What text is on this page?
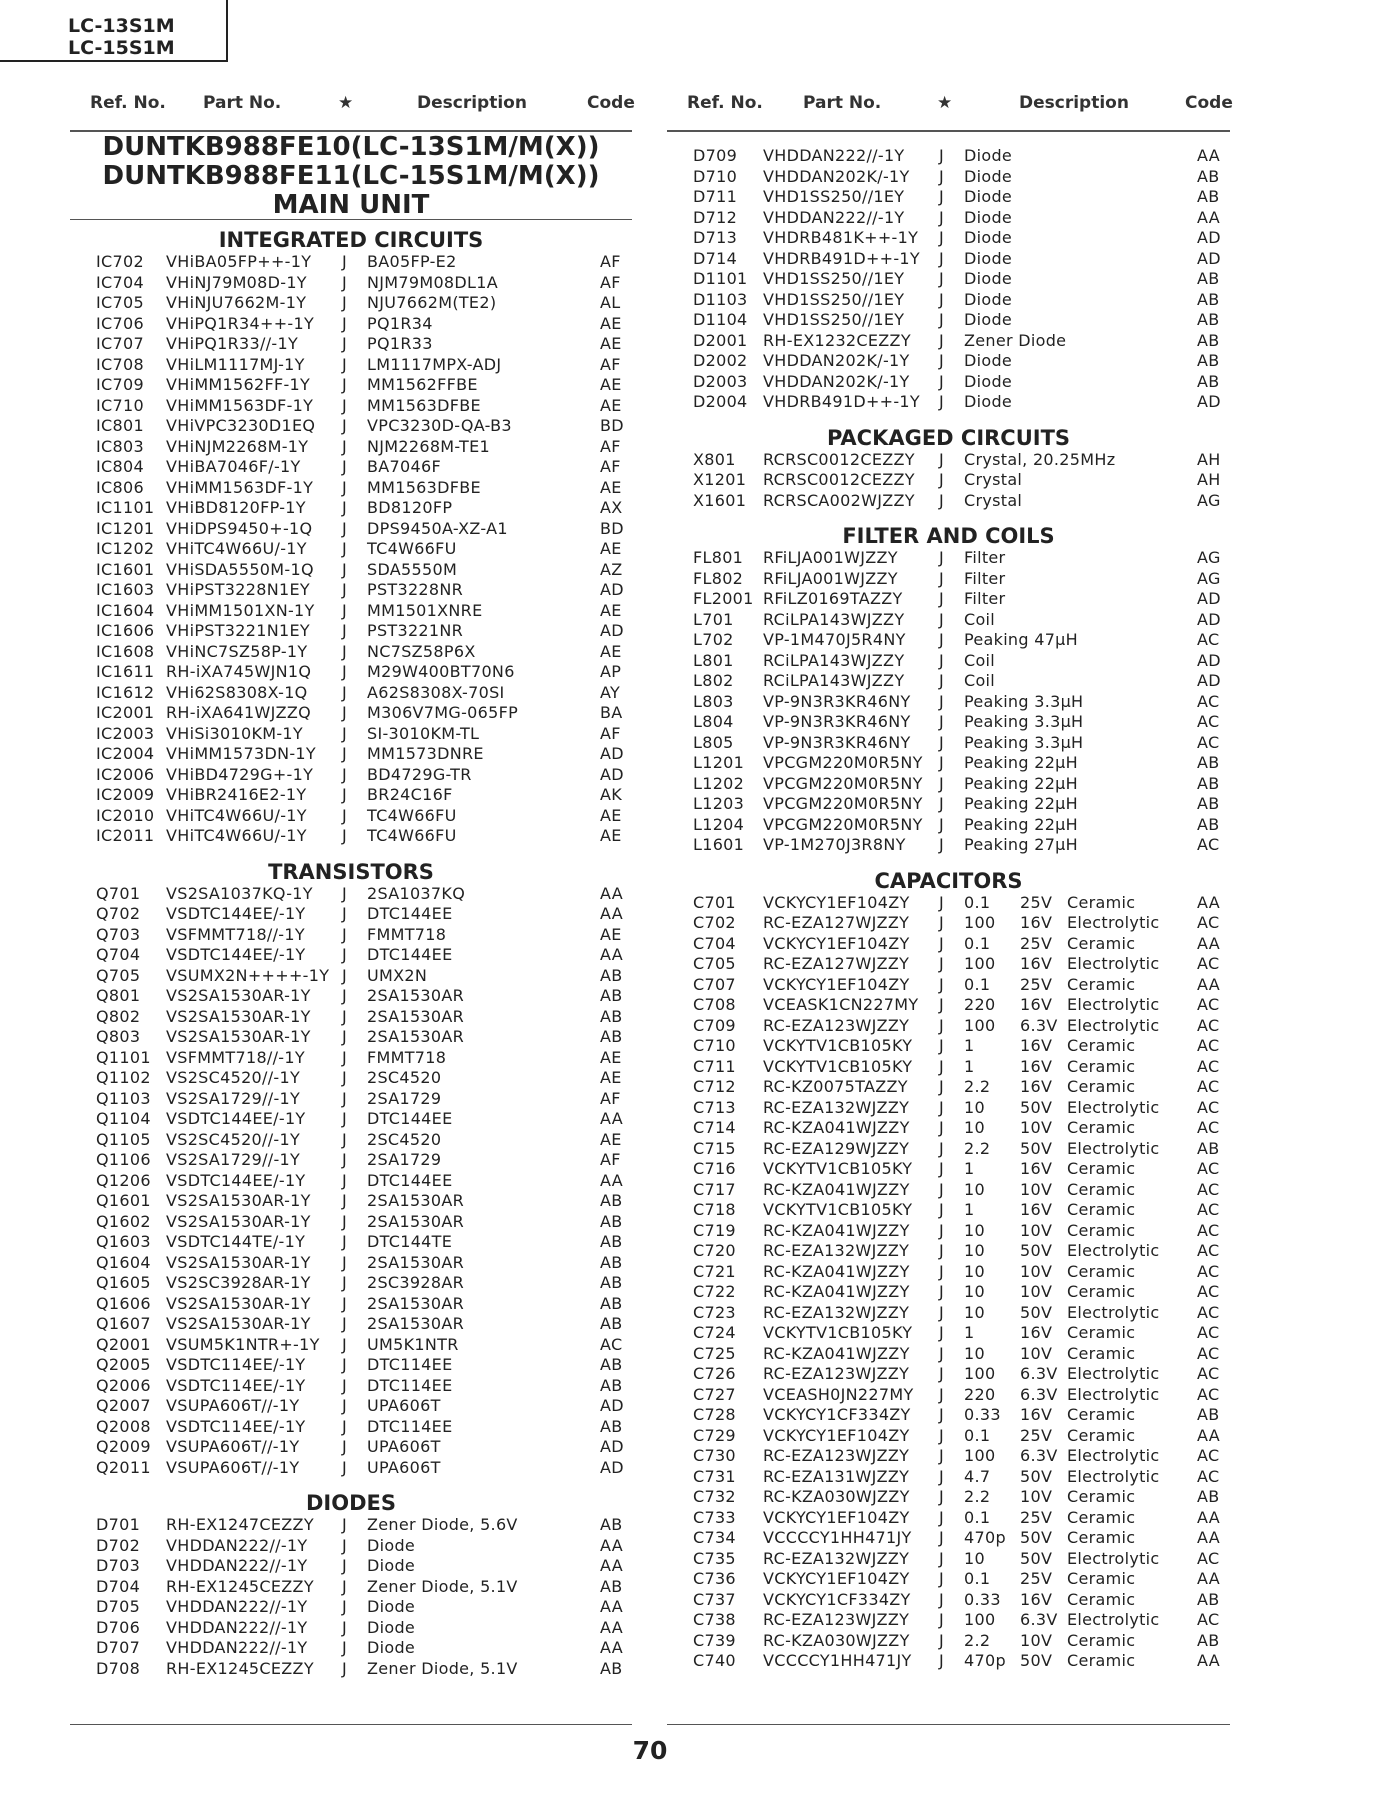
LC-13S1M
LC-15S1M
Ref. No. Part No.	★	Description	Code
DUNTKB988FE10(LC-13S1M/M(X))
DUNTKB988FE11(LC-15S1M/M(X))
MAIN UNIT
INTEGRATED CIRCUITS
IC702 VHiBA05FP++-1Y J BA05FP-E2	AF
IC704 VHiNJ79M08D-1Y J NJM79M08DL1A	AF
IC705 VHiNJU7662M-1Y J NJU7662M(TE2)	AL
IC706 VHiPQ1R34++-1Y J PQ1R34	AE
IC707 VHiPQ1R33//-1Y	J PQ1R33	AE
IC708 VHiLM1117MJ-1Y J LM1117MPX-ADJ	AF
IC709 VHiMM1562FF-1Y J MM1562FFBE	AE
IC710 VHiMM1563DF-1Y J MM1563DFBE	AE
IC801 VHiVPC3230D1EQ J VPC3230D-QA-B3	BD
IC803 VHiNJM2268M-1Y J NJM2268M-TE1	AF
IC804 VHiBA7046F/-1Y	J BA7046F	AF
IC806 VHiMM1563DF-1Y J MM1563DFBE	AE
IC1101 VHiBD8120FP-1Y J BD8120FP	AX
IC1201 VHiDPS9450+-1Q J DPS9450A-XZ-A1	BD
IC1202 VHiTC4W66U/-1Y J TC4W66FU	AE
IC1601 VHiSDA5550M-1Q J SDA5550M	AZ
IC1603 VHiPST3228N1EY J PST3228NR	AD
IC1604 VHiMM1501XN-1Y J MM1501XNRE	AE
IC1606 VHiPST3221N1EY J PST3221NR	AD
IC1608 VHiNC7SZ58P-1Y J NC7SZ58P6X	AE
IC1611 RH-iXA745WJN1Q J M29W400BT70N6	AP
IC1612 VHi62S8308X-1Q J A62S8308X-70SI	AY
IC2001 RH-iXA641WJZZQ J M306V7MG-065FP	BA
IC2003 VHiSi3010KM-1Y J SI-3010KM-TL	AF
IC2004 VHiMM1573DN-1Y J MM1573DNRE	AD
IC2006 VHiBD4729G+-1Y J BD4729G-TR	AD
IC2009 VHiBR2416E2-1Y J BR24C16F	AK
IC2010 VHiTC4W66U/-1Y J TC4W66FU	AE
IC2011 VHiTC4W66U/-1Y J TC4W66FU	AE
TRANSISTORS
Q701 VS2SA1037KQ-1Y J 2SA1037KQ	AA
Q702 VSDTC144EE/-1Y J DTC144EE	AA
Q703 VSFMMT718//-1Y J FMMT718	AE
Q704 VSDTC144EE/-1Y J DTC144EE	AA
Q705 VSUMX2N++++-1Y J UMX2N	AB
Q801 VS2SA1530AR-1Y J 2SA1530AR	AB
Q802 VS2SA1530AR-1Y J 2SA1530AR	AB
Q803 VS2SA1530AR-1Y J 2SA1530AR	AB
Q1101 VSFMMT718//-1Y J FMMT718	AE
Q1102 VS2SC4520//-1Y	J 2SC4520	AE
Q1103 VS2SA1729//-1Y	J 2SA1729	AF
Q1104 VSDTC144EE/-1Y J DTC144EE	AA
Q1105 VS2SC4520//-1Y	J 2SC4520	AE
Q1106 VS2SA1729//-1Y	J 2SA1729	AF
Q1206 VSDTC144EE/-1Y J DTC144EE	AA
Q1601 VS2SA1530AR-1Y J 2SA1530AR	AB
Q1602 VS2SA1530AR-1Y J 2SA1530AR	AB
Q1603 VSDTC144TE/-1Y J DTC144TE	AB
Q1604 VS2SA1530AR-1Y J 2SA1530AR	AB
Q1605 VS2SC3928AR-1Y J 2SC3928AR	AB
Q1606 VS2SA1530AR-1Y J 2SA1530AR	AB
Q1607 VS2SA1530AR-1Y J 2SA1530AR	AB
Q2001 VSUM5K1NTR+-1Y J UM5K1NTR	AC
Q2005 VSDTC114EE/-1Y J DTC114EE	AB
Q2006 VSDTC114EE/-1Y J DTC114EE	AB
Q2007 VSUPA606T//-1Y	J UPA606T	AD
Q2008 VSDTC114EE/-1Y J DTC114EE	AB
Q2009 VSUPA606T//-1Y	J UPA606T	AD
Q2011 VSUPA606T//-1Y	J UPA606T	AD
DIODES
D701 RH-EX1247CEZZY J Zener Diode, 5.6V	AB
D702 VHDDAN222//-1Y J Diode	AA
D703 VHDDAN222//-1Y J Diode	AA
D704 RH-EX1245CEZZY J Zener Diode, 5.1V	AB
D705 VHDDAN222//-1Y J Diode	AA
D706 VHDDAN222//-1Y J Diode	AA
D707 VHDDAN222//-1Y J Diode	AA
D708 RH-EX1245CEZZY J Zener Diode, 5.1V	AB
Ref. No. Part No.	★	Description	Code
D709 VHDDAN222//-1Y J Diode	AA
D710 VHDDAN202K/-1Y J Diode	AB
D711 VHD1SS250//1EY J Diode	AB
D712 VHDDAN222//-1Y J Diode	AA
D713 VHDRB481K++-1Y J Diode	AD
D714 VHDRB491D++-1Y J Diode	AD
D1101 VHD1SS250//1EY J Diode	AB
D1103 VHD1SS250//1EY J Diode	AB
D1104 VHD1SS250//1EY J Diode	AB
D2001 RH-EX1232CEZZY J Zener Diode	AB
D2002 VHDDAN202K/-1Y J Diode	AB
D2003 VHDDAN202K/-1Y J Diode	AB
D2004 VHDRB491D++-1Y J Diode	AD
PACKAGED CIRCUITS
X801 RCRSC0012CEZZY J Crystal, 20.25MHz	AH
X1201 RCRSC0012CEZZY J Crystal	AH
X1601 RCRSCA002WJZZY J Crystal	AG
FILTER AND COILS
FL801 RFiLJA001WJZZY	J Filter	AG
FL802 RFiLJA001WJZZY	J Filter	AG
FL2001 RFiLZ0169TAZZY J Filter	AD
L701 RCiLPA143WJZZY J Coil	AD
L702 VP-1M470J5R4NY J Peaking 47µH	AC
L801 RCiLPA143WJZZY J Coil	AD
L802 RCiLPA143WJZZY J Coil	AD
L803 VP-9N3R3KR46NY J Peaking 3.3µH	AC
L804 VP-9N3R3KR46NY J Peaking 3.3µH	AC
L805 VP-9N3R3KR46NY J Peaking 3.3µH	AC
L1201 VPCGM220M0R5NY J Peaking 22µH	AB
L1202 VPCGM220M0R5NY J Peaking 22µH	AB
L1203 VPCGM220M0R5NY J Peaking 22µH	AB
L1204 VPCGM220M0R5NY J Peaking 22µH	AB
L1601 VP-1M270J3R8NY J Peaking 27µH	AC
CAPACITORS
C701 VCKYCY1EF104ZY J 0.1 25V Ceramic	AA
C702 RC-EZA127WJZZY J 100 16V Electrolytic AC
C704 VCKYCY1EF104ZY J 0.1 25V Ceramic	AA
C705 RC-EZA127WJZZY J 100 16V Electrolytic AC
C707 VCKYCY1EF104ZY J 0.1 25V Ceramic	AA
C708 VCEASK1CN227MY J 220 16V Electrolytic AC
C709 RC-EZA123WJZZY J 100 6.3V Electrolytic AC
C710 VCKYTV1CB105KY J 1	16V Ceramic	AC
C711 VCKYTV1CB105KY J 1	16V Ceramic	AC
C712 RC-KZ0075TAZZY J 2.2 16V Ceramic	AC
C713 RC-EZA132WJZZY J 10 50V Electrolytic AC
C714 RC-KZA041WJZZY J 10 10V Ceramic	AC
C715 RC-EZA129WJZZY J 2.2 50V Electrolytic AB
C716 VCKYTV1CB105KY J 1	16V Ceramic	AC
C717 RC-KZA041WJZZY J 10 10V Ceramic	AC
C718 VCKYTV1CB105KY J 1	16V Ceramic	AC
C719 RC-KZA041WJZZY J 10 10V Ceramic	AC
C720 RC-EZA132WJZZY J 10 50V Electrolytic AC
C721 RC-KZA041WJZZY J 10 10V Ceramic	AC
C722 RC-KZA041WJZZY J 10 10V Ceramic	AC
C723 RC-EZA132WJZZY J 10 50V Electrolytic AC
C724 VCKYTV1CB105KY J 1	16V Ceramic	AC
C725 RC-KZA041WJZZY J 10 10V Ceramic	AC
C726 RC-EZA123WJZZY J 100 6.3V Electrolytic AC
C727 VCEASH0JN227MY J 220 6.3V Electrolytic AC
C728 VCKYCY1CF334ZY J 0.33 16V Ceramic	AB
C729 VCKYCY1EF104ZY J 0.1 25V Ceramic	AA
C730 RC-EZA123WJZZY J 100 6.3V Electrolytic AC
C731 RC-EZA131WJZZY J 4.7 50V Electrolytic AC
C732 RC-KZA030WJZZY J 2.2 10V Ceramic	AB
C733 VCKYCY1EF104ZY J 0.1 25V Ceramic	AA
C734 VCCCCY1HH471JY J 470p 50V Ceramic	AA
C735 RC-EZA132WJZZY J 10 50V Electrolytic AC
C736 VCKYCY1EF104ZY J 0.1 25V Ceramic	AA
C737 VCKYCY1CF334ZY J 0.33 16V Ceramic	AB
C738 RC-EZA123WJZZY J 100 6.3V Electrolytic AC
C739 RC-KZA030WJZZY J 2.2 10V Ceramic	AB
C740 VCCCCY1HH471JY J 470p 50V Ceramic	AA
70
